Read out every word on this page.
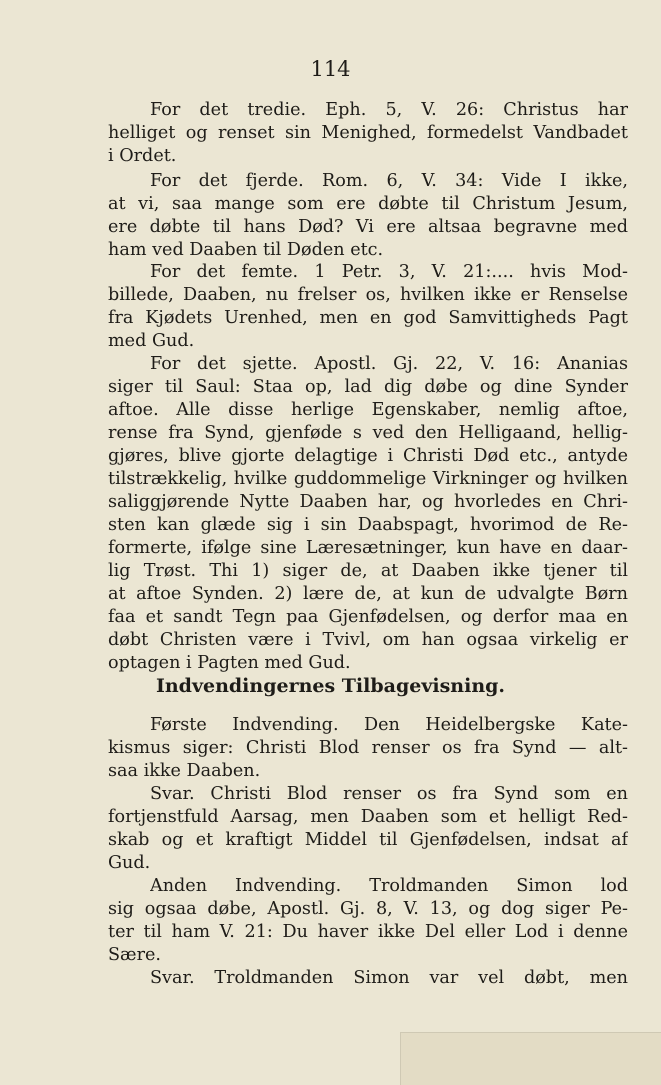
114
For det tredie. Eph. 5, V. 26: Christus har
helliget og renset sin Menighed, formedelst Vandbadet
i Ordet.
For det fjerde. Rom. 6, V. 34: Vide I ikke,
at vi, saa mange som ere døbte til Christum Jesum,
ere døbte til hans Død? Vi ere altsaa begravne med
ham ved Daaben til Døden etc.
For det femte. 1 Petr. 3, V. 21:.... hvis Mod-
billede, Daaben, nu frelser os, hvilken ikke er Renselse
fra Kjødets Urenhed, men en god Samvittigheds Pagt
med Gud.
For det sjette. Apostl. Gj. 22, V. 16: Ananias
siger til Saul: Staa op, lad dig døbe og dine Synder
aftoe. Alle disse herlige Egenskaber, nemlig aftoe,
rense fra Synd, gjenføde s ved den Helligaand, hellig-
gjøres, blive gjorte delagtige i Christi Død etc., antyde
tilstrækkelig, hvilke guddommelige Virkninger og hvilken
saliggjørende Nytte Daaben har, og hvorledes en Chri-
sten kan glæde sig i sin Daabspagt, hvorimod de Re-
formerte, ifølge sine Læresætninger, kun have en daar-
lig Trøst. Thi 1) siger de, at Daaben ikke tjener til
at aftoe Synden. 2) lære de, at kun de udvalgte Børn
faa et sandt Tegn paa Gjenfødelsen, og derfor maa en
døbt Christen være i Tvivl, om han ogsaa virkelig er
optagen i Pagten med Gud.
Første Indvending. Den Heidelbergske Kate-
kismus siger: Christi Blod renser os fra Synd — alt-
saa ikke Daaben.
Svar. Christi Blod renser os fra Synd som en
fortjenstfuld Aarsag, men Daaben som et helligt Red-
skab og et kraftigt Middel til Gjenfødelsen, indsat af
Gud.
Anden Indvending. Troldmanden Simon lod
sig ogsaa døbe, Apostl. Gj. 8, V. 13, og dog siger Pe-
ter til ham V. 21: Du haver ikke Del eller Lod i denne
Sære.
Svar. Troldmanden Simon var vel døbt, men
Indvendingernes Tilbagevisning.
